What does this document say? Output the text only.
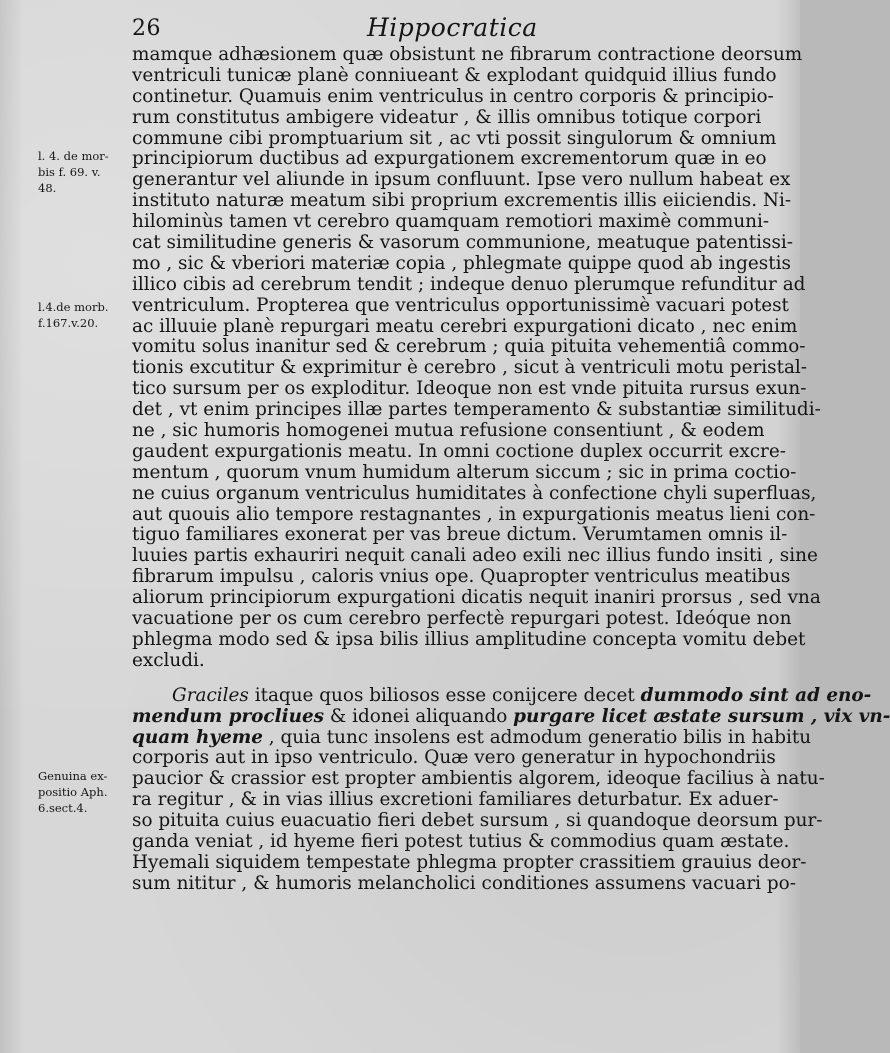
26	Hippocratica
l. 4. de mor-
bis f. 69. v.
48.
l.4.de morb.
f.167.v.20.
Genuina ex-
positio Aph.
6.sect.4.
mamque adhæsionem quæ obsistunt ne fibrarum contractione deorsum
ventriculi tunicæ planè conniueant & explodant quidquid illius fundo
continetur. Quamuis enim ventriculus in centro corporis & principio-
rum constitutus ambigere videatur , & illis omnibus totique corpori
commune cibi promptuarium sit , ac vti possit singulorum & omnium
principiorum ductibus ad expurgationem excrementorum quæ in eo
generantur vel aliunde in ipsum confluunt. Ipse vero nullum habeat ex
instituto naturæ meatum sibi proprium excrementis illis eiiciendis. Ni-
hilominùs tamen vt cerebro quamquam remotiori maximè communi-
cat similitudine generis & vasorum communione, meatuque patentissi-
mo , sic & vberiori materiæ copia , phlegmate quippe quod ab ingestis
illico cibis ad cerebrum tendit ; indeque denuo plerumque refunditur ad
ventriculum. Propterea que ventriculus opportunissimè vacuari potest
ac illuuie planè repurgari meatu cerebri expurgationi dicato , nec enim
vomitu solus inanitur sed & cerebrum ; quia pituita vehementiâ commo-
tionis excutitur & exprimitur è cerebro , sicut à ventriculi motu peristal-
tico sursum per os exploditur. Ideoque non est vnde pituita rursus exun-
det , vt enim principes illæ partes temperamento & substantiæ similitudi-
ne , sic humoris homogenei mutua refusione consentiunt , & eodem
gaudent expurgationis meatu. In omni coctione duplex occurrit excre-
mentum , quorum vnum humidum alterum siccum ; sic in prima coctio-
ne cuius organum ventriculus humiditates à confectione chyli superfluas,
aut quouis alio tempore restagnantes , in expurgationis meatus lieni con-
tiguo familiares exonerat per vas breue dictum. Verumtamen omnis il-
luuies partis exhauriri nequit canali adeo exili nec illius fundo insiti , sine
fibrarum impulsu , caloris vnius ope. Quapropter ventriculus meatibus
aliorum principiorum expurgationi dicatis nequit inaniri prorsus , sed vna
vacuatione per os cum cerebro perfectè repurgari potest. Ideóque non
phlegma modo sed & ipsa bilis illius amplitudine concepta vomitu debet
excludi.
Graciles itaque quos biliosos esse conijcere decet dummodo sint ad eno-
mendum procliues & idonei aliquando purgare licet æstate sursum , vix vn-
quam hyeme , quia tunc insolens est admodum generatio bilis in habitu
corporis aut in ipso ventriculo. Quæ vero generatur in hypochondriis
paucior & crassior est propter ambientis algorem, ideoque facilius à natu-
ra regitur , & in vias illius excretioni familiares deturbatur. Ex aduer-
so pituita cuius euacuatio fieri debet sursum , si quandoque deorsum pur-
ganda veniat , id hyeme fieri potest tutius & commodius quam æstate.
Hyemali siquidem tempestate phlegma propter crassitiem grauius deor-
sum nititur , & humoris melancholici conditiones assumens vacuari po-
